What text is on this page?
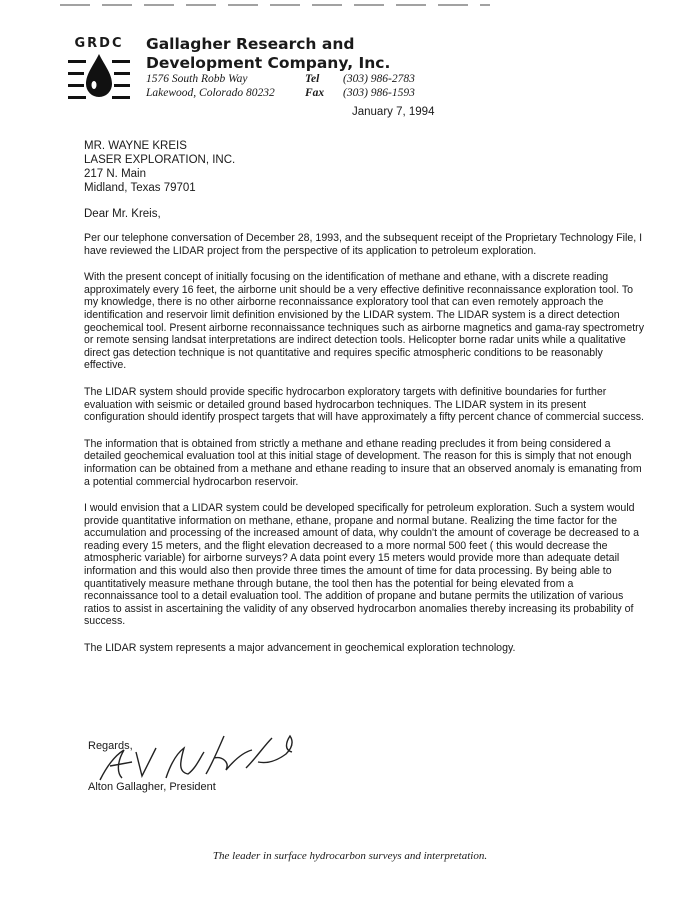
GRDC	Gallagher Research and
Development Company, Inc.
1576 South Robb Way
Lakewood, Colorado 80232
Tel (303) 986-2783
Fax (303) 986-1593
January 7, 1994
MR. WAYNE KREIS
LASER EXPLORATION, INC.
217 N. Main
Midland, Texas 79701
Dear Mr. Kreis,

Per our telephone conversation of December 28, 1993, and the subsequent receipt of the Proprietary Technology File, I have reviewed the LIDAR project from the perspective of its application to petroleum exploration.

With the present concept of initially focusing on the identification of methane and ethane, with a discrete reading approximately every 16 feet, the airborne unit should be a very effective definitive reconnaissance exploration tool. To my knowledge, there is no other airborne reconnaissance exploratory tool that can even remotely approach the identification and reservoir limit definition envisioned by the LIDAR system. The LIDAR system is a direct detection geochemical tool. Present airborne reconnaissance techniques such as airborne magnetics and gama-ray spectrometry or remote sensing landsat interpretations are indirect detection tools. Helicopter borne radar units while a qualitative direct gas detection technique is not quantitative and requires specific atmospheric conditions to be reasonably effective.

The LIDAR system should provide specific hydrocarbon exploratory targets with definitive boundaries for further evaluation with seismic or detailed ground based hydrocarbon techniques. The LIDAR system in its present configuration should identify prospect targets that will have approximately a fifty percent chance of commercial success.

The information that is obtained from strictly a methane and ethane reading precludes it from being considered a detailed geochemical evaluation tool at this initial stage of development. The reason for this is simply that not enough information can be obtained from a methane and ethane reading to insure that an observed anomaly is emanating from a potential commercial hydrocarbon reservoir.

I would envision that a LIDAR system could be developed specifically for petroleum exploration. Such a system would provide quantitative information on methane, ethane, propane and normal butane. Realizing the time factor for the accumulation and processing of the increased amount of data, why couldn't the amount of coverage be decreased to a reading every 15 meters, and the flight elevation decreased to a more normal 500 feet ( this would decrease the atmospheric variable) for airborne surveys? A data point every 15 meters would provide more than adequate detail information and this would also then provide three times the amount of time for data processing. By being able to quantitatively measure methane through butane, the tool then has the potential for being elevated from a reconnaissance tool to a detail evaluation tool. The addition of propane and butane permits the utilization of various ratios to assist in ascertaining the validity of any observed hydrocarbon anomalies thereby increasing its probability of success.

The LIDAR system represents a major advancement in geochemical exploration technology.

Regards,
Alton Gallagher, President
The leader in surface hydrocarbon surveys and interpretation.
